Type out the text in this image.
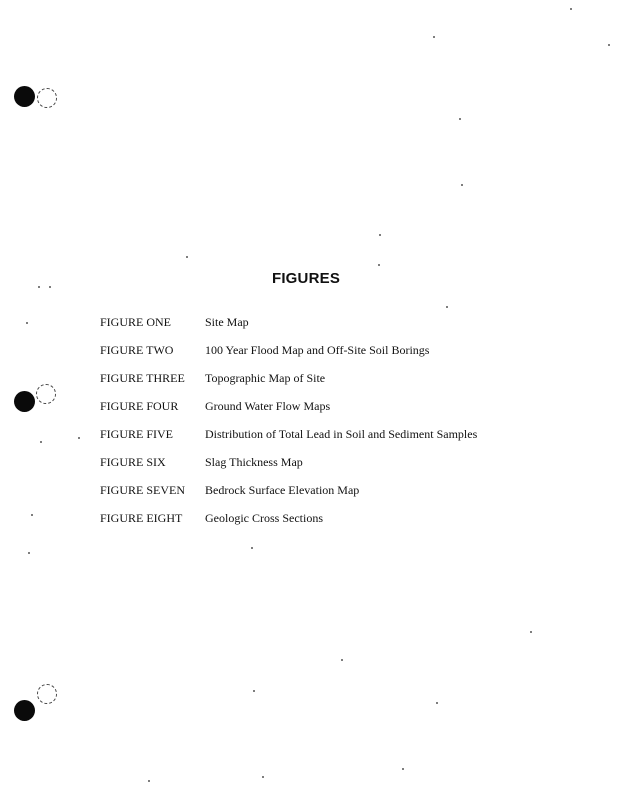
FIGURES
FIGURE ONE	Site Map
FIGURE TWO	100 Year Flood Map and Off-Site Soil Borings
FIGURE THREE	Topographic Map of Site
FIGURE FOUR	Ground Water Flow Maps
FIGURE FIVE	Distribution of Total Lead in Soil and Sediment Samples
FIGURE SIX	Slag Thickness Map
FIGURE SEVEN	Bedrock Surface Elevation Map
FIGURE EIGHT	Geologic Cross Sections
